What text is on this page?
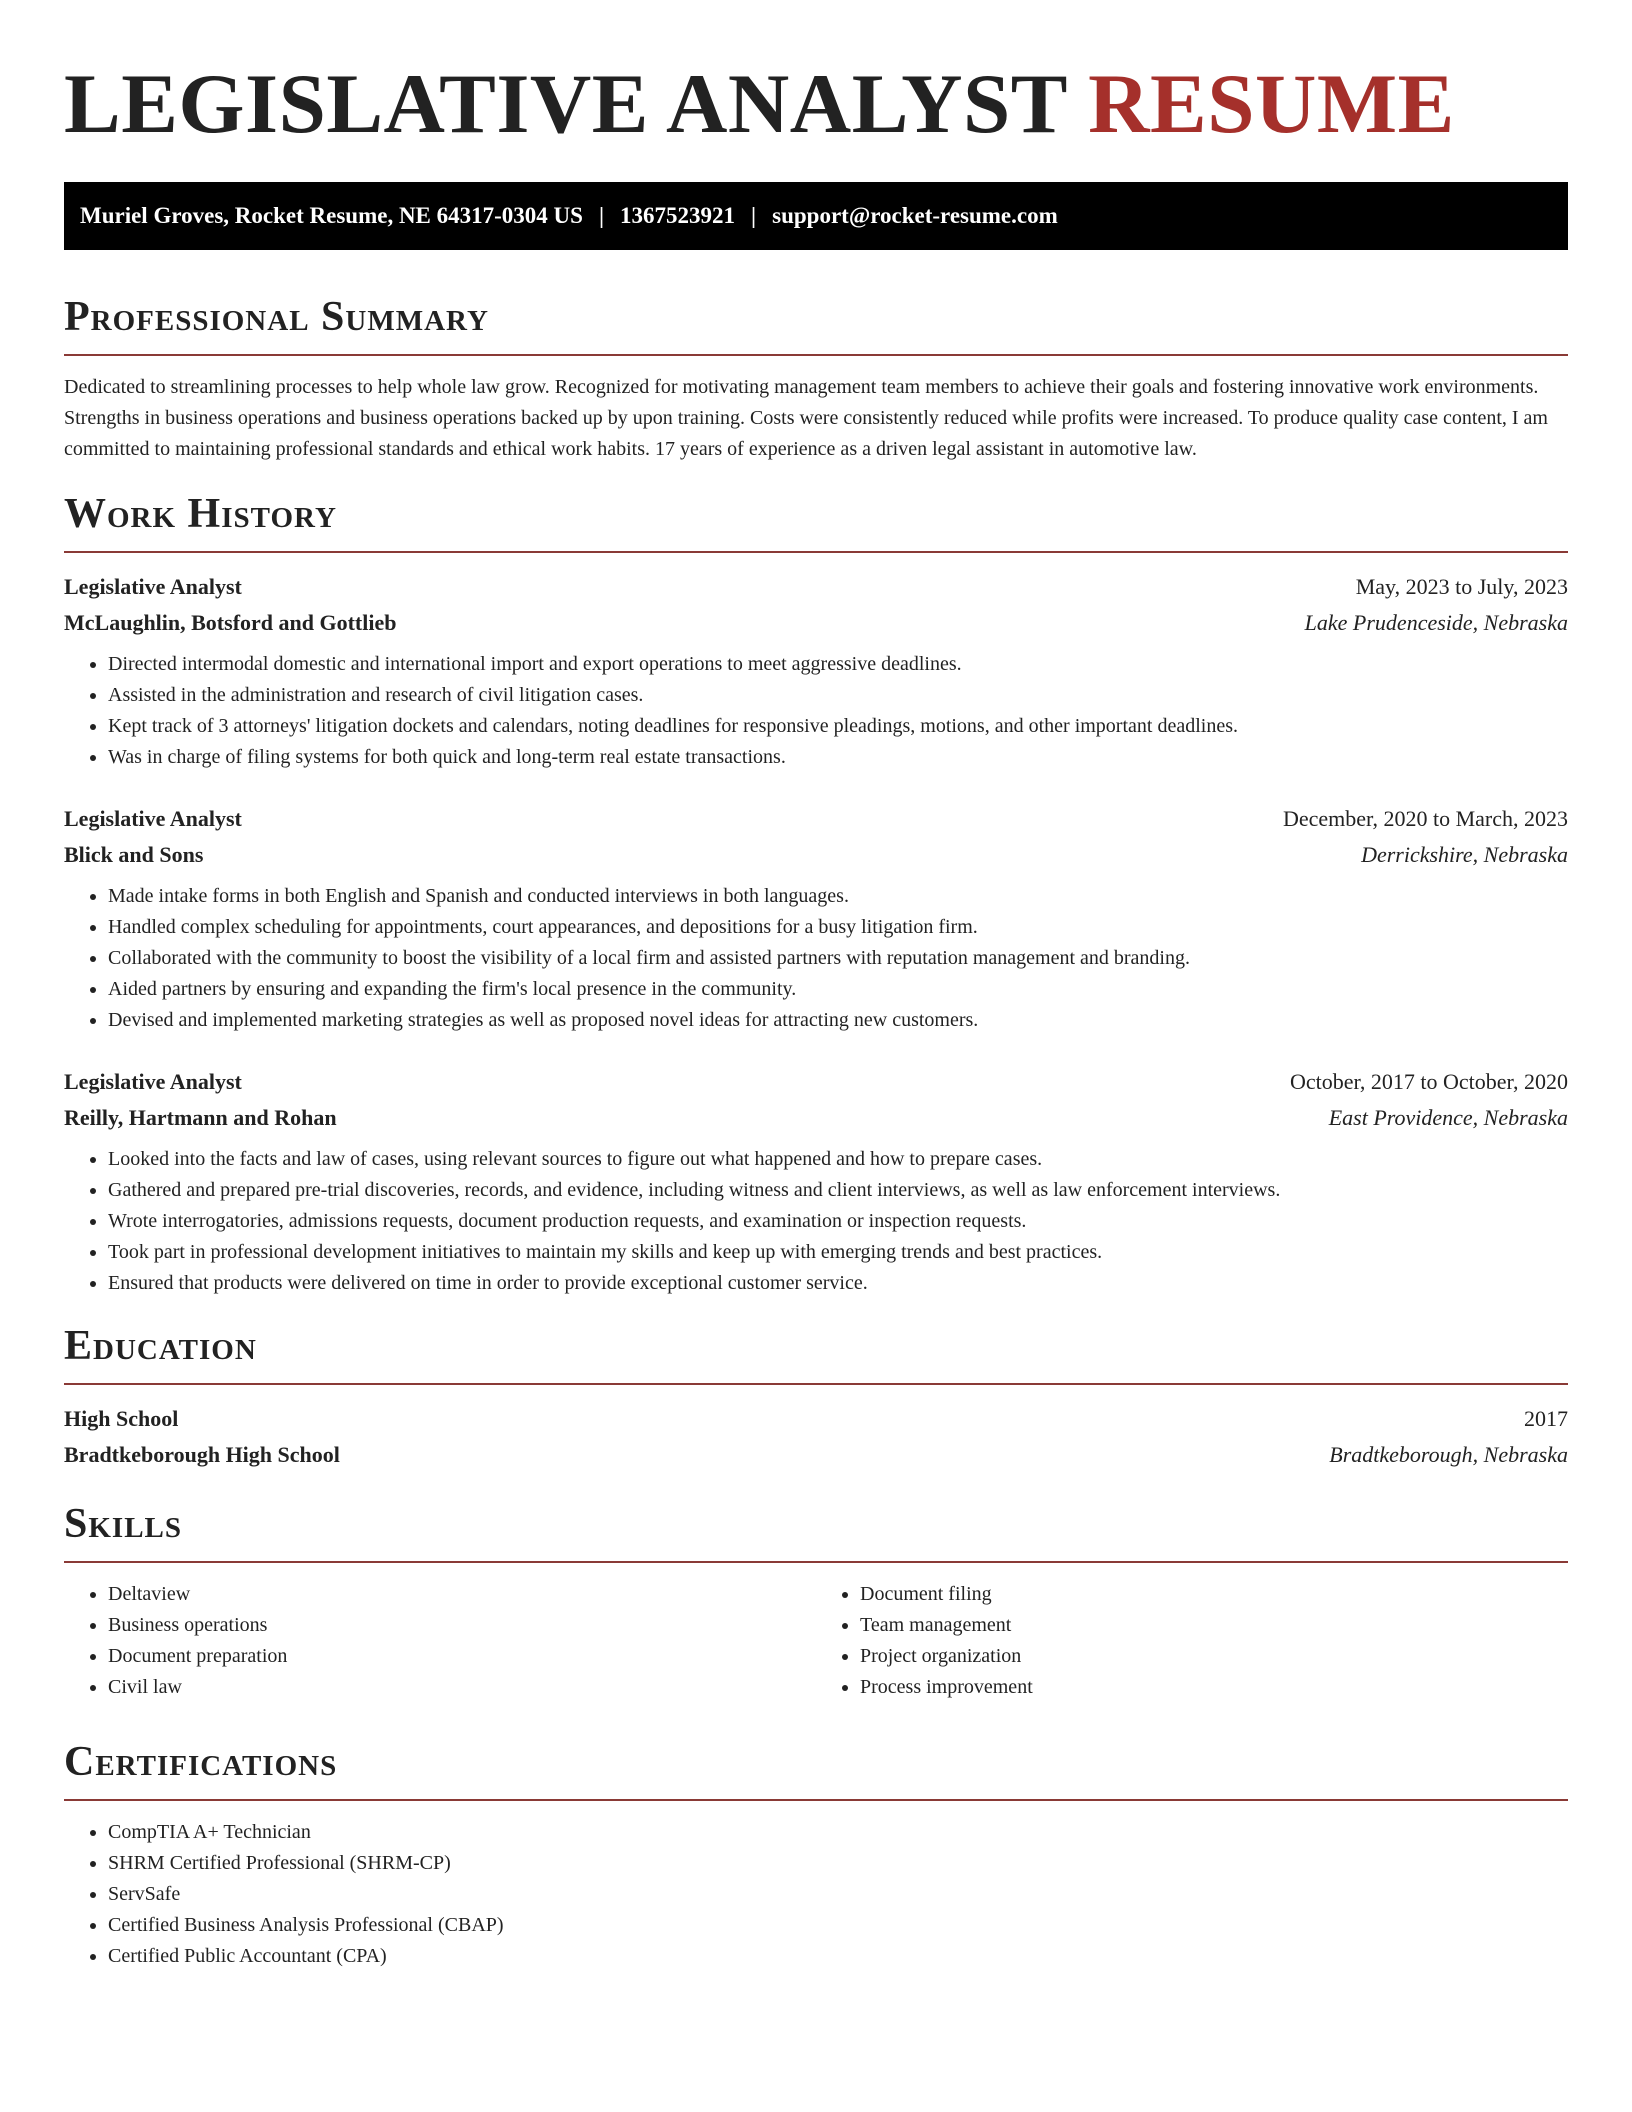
LEGISLATIVE ANALYST RESUME
Muriel Groves, Rocket Resume, NE 64317-0304 US | 1367523921 | support@rocket-resume.com
Professional Summary

Dedicated to streamlining processes to help whole law grow. Recognized for motivating management team members to achieve their goals and fostering innovative work environments. Strengths in business operations and business operations backed up by upon training. Costs were consistently reduced while profits were increased. To produce quality case content, I am committed to maintaining professional standards and ethical work habits. 17 years of experience as a driven legal assistant in automotive law.

Work History
Legislative Analyst	May, 2023 to July, 2023
McLaughlin, Botsford and Gottlieb	Lake Prudenceside, Nebraska
• Directed intermodal domestic and international import and export operations to meet aggressive deadlines.
• Assisted in the administration and research of civil litigation cases.
• Kept track of 3 attorneys' litigation dockets and calendars, noting deadlines for responsive pleadings, motions, and other important deadlines.
• Was in charge of filing systems for both quick and long-term real estate transactions.
Legislative Analyst	December, 2020 to March, 2023
Blick and Sons	Derrickshire, Nebraska
• Made intake forms in both English and Spanish and conducted interviews in both languages.
• Handled complex scheduling for appointments, court appearances, and depositions for a busy litigation firm.
• Collaborated with the community to boost the visibility of a local firm and assisted partners with reputation management and branding.
• Aided partners by ensuring and expanding the firm's local presence in the community.
• Devised and implemented marketing strategies as well as proposed novel ideas for attracting new customers.
Legislative Analyst	October, 2017 to October, 2020
Reilly, Hartmann and Rohan	East Providence, Nebraska
• Looked into the facts and law of cases, using relevant sources to figure out what happened and how to prepare cases.
• Gathered and prepared pre-trial discoveries, records, and evidence, including witness and client interviews, as well as law enforcement interviews.
• Wrote interrogatories, admissions requests, document production requests, and examination or inspection requests.
• Took part in professional development initiatives to maintain my skills and keep up with emerging trends and best practices.
• Ensured that products were delivered on time in order to provide exceptional customer service.
Education
High School	2017
Bradtkeborough High School	Bradtkeborough, Nebraska
Skills
• Deltaview
• Business operations
• Document preparation
• Civil law
• Document filing
• Team management
• Project organization
• Process improvement
Certifications
• CompTIA A+ Technician
• SHRM Certified Professional (SHRM-CP)
• ServSafe
• Certified Business Analysis Professional (CBAP)
• Certified Public Accountant (CPA)
